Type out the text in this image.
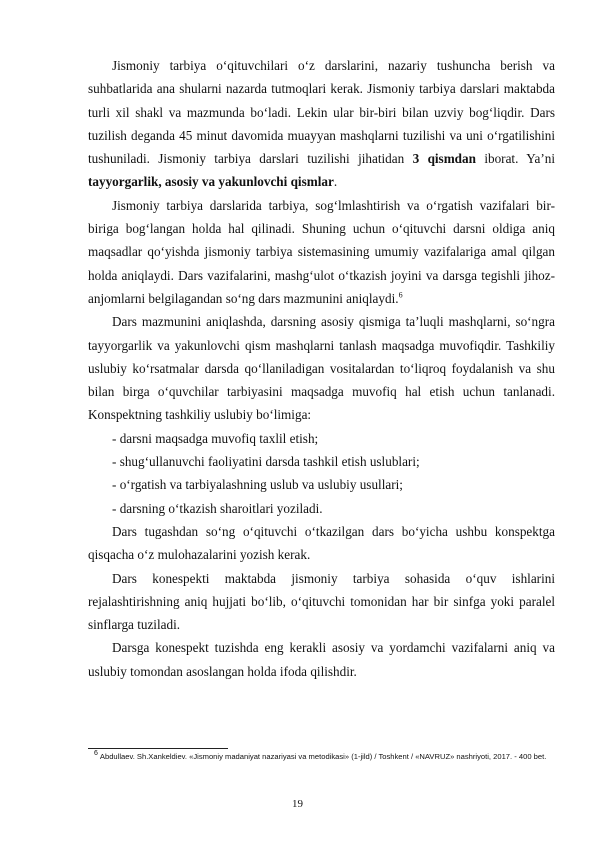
Jismoniy tarbiya o‘qituvchilari o‘z darslarini, nazariy tushuncha berish va suhbatlarida ana shularni nazarda tutmoqlari kerak. Jismoniy tarbiya darslari maktabda turli xil shakl va mazmunda bo‘ladi. Lekin ular bir-biri bilan uzviy bog‘liqdir. Dars tuzilish deganda 45 minut davomida muayyan mashqlarni tuzilishi va uni o‘rgatilishini tushuniladi. Jismoniy tarbiya darslari tuzilishi jihatidan 3 qismdan iborat. Ya’ni tayyorgarlik, asosiy va yakunlovchi qismlar.

Jismoniy tarbiya darslarida tarbiya, sog‘lmlashtirish va o‘rgatish vazifalari bir- biriga bog‘langan holda hal qilinadi. Shuning uchun o‘qituvchi darsni oldiga aniq maqsadlar qo‘yishda jismoniy tarbiya sistemasining umumiy vazifalariga amal qilgan holda aniqlaydi. Dars vazifalarini, mashg‘ulot o‘tkazish joyini va darsga tegishli jihoz-anjomlarni belgilagandan so‘ng dars mazmunini aniqlaydi.$^6$

Dars mazmunini aniqlashda, darsning asosiy qismiga ta’luqli mashqlarni, so‘ngra tayyorgarlik va yakunlovchi qism mashqlarni tanlash maqsadga muvofiqdir. Tashkiliy uslubiy ko‘rsatmalar darsda qo‘llaniladigan vositalardan to‘liqroq foydalanish va shu bilan birga o‘quvchilar tarbiyasini maqsadga muvofiq hal etish uchun tanlanadi. Konspektning tashkiliy uslubiy bo‘limiga:

- darsni maqsadga muvofiq taxlil etish;

- shug‘ullanuvchi faoliyatini darsda tashkil etish uslublari;

- o‘rgatish va tarbiyalashning uslub va uslubiy usullari;

- darsning o‘tkazish sharoitlari yoziladi.

Dars tugashdan so‘ng o‘qituvchi o‘tkazilgan dars bo‘yicha ushbu konspektga qisqacha o‘z mulohazalarini yozish kerak.

Dars konespekti maktabda jismoniy tarbiya sohasida o‘quv ishlarini rejalashtirishning aniq hujjati bo‘lib, o‘qituvchi tomonidan har bir sinfga yoki paralel sinflarga tuziladi.

Darsga konespekt tuzishda eng kerakli asosiy va yordamchi vazifalarni aniq va uslubiy tomondan asoslangan holda ifoda qilishdir.

6 Abdullaev. Sh.Xankeldiev. «Jismoniy madaniyat nazariyasi va metodikasi» (1-jild) / Toshkent / «NAVRUZ» nashriyoti, 2017. - 400 bet.
19
